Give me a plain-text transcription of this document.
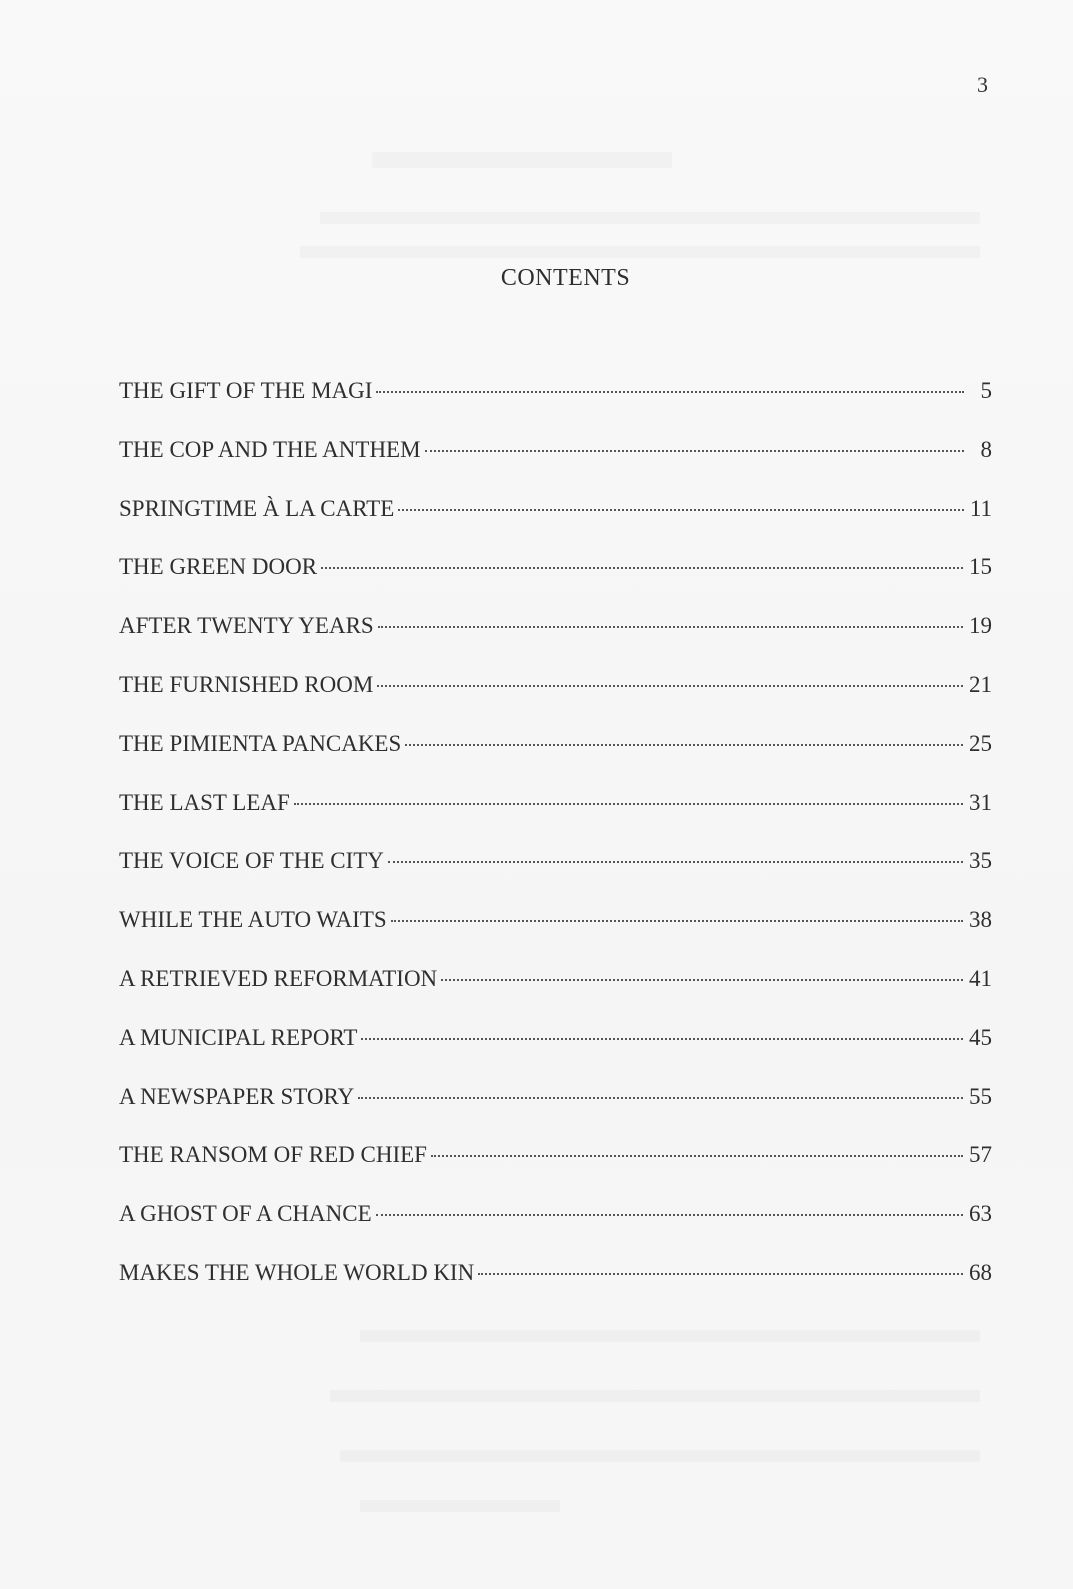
3
CONTENTS
THE GIFT OF THE MAGI	5
THE COP AND THE ANTHEM	8
SPRINGTIME À LA CARTE	11
THE GREEN DOOR	15
AFTER TWENTY YEARS	19
THE FURNISHED ROOM	21
THE PIMIENTA PANCAKES	25
THE LAST LEAF	31
THE VOICE OF THE CITY	35
WHILE THE AUTO WAITS	38
A RETRIEVED REFORMATION	41
A MUNICIPAL REPORT	45
A NEWSPAPER STORY	55
THE RANSOM OF RED CHIEF	57
A GHOST OF A CHANCE	63
MAKES THE WHOLE WORLD KIN	68
